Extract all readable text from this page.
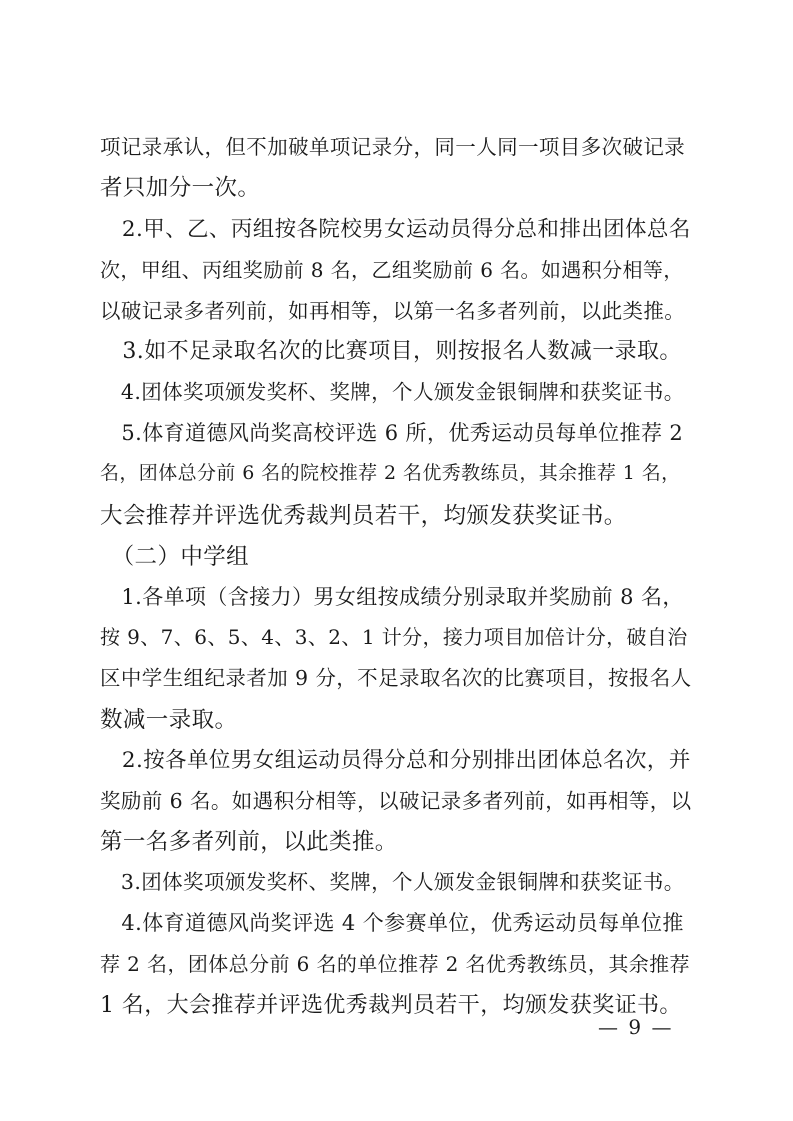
项记录承认，但不加破单项记录分，同一人同一项目多次破记录
者只加分一次。
　2.甲、乙、丙组按各院校男女运动员得分总和排出团体总名
次，甲组、丙组奖励前 8 名，乙组奖励前 6 名。如遇积分相等，
以破记录多者列前，如再相等，以第一名多者列前，以此类推。
　3.如不足录取名次的比赛项目，则按报名人数减一录取。
　4.团体奖项颁发奖杯、奖牌，个人颁发金银铜牌和获奖证书。
　5.体育道德风尚奖高校评选 6 所，优秀运动员每单位推荐 2
名，团体总分前 6 名的院校推荐 2 名优秀教练员，其余推荐 1 名，
大会推荐并评选优秀裁判员若干，均颁发获奖证书。
　（二）中学组
　1.各单项（含接力）男女组按成绩分别录取并奖励前 8 名，
按 9、7、6、5、4、3、2、1 计分，接力项目加倍计分，破自治
区中学生组纪录者加 9 分，不足录取名次的比赛项目，按报名人
数减一录取。
　2.按各单位男女组运动员得分总和分别排出团体总名次，并
奖励前 6 名。如遇积分相等，以破记录多者列前，如再相等，以
第一名多者列前，以此类推。
　3.团体奖项颁发奖杯、奖牌，个人颁发金银铜牌和获奖证书。
　4.体育道德风尚奖评选 4 个参赛单位，优秀运动员每单位推
荐 2 名，团体总分前 6 名的单位推荐 2 名优秀教练员，其余推荐
1 名，大会推荐并评选优秀裁判员若干，均颁发获奖证书。
— 9 —
